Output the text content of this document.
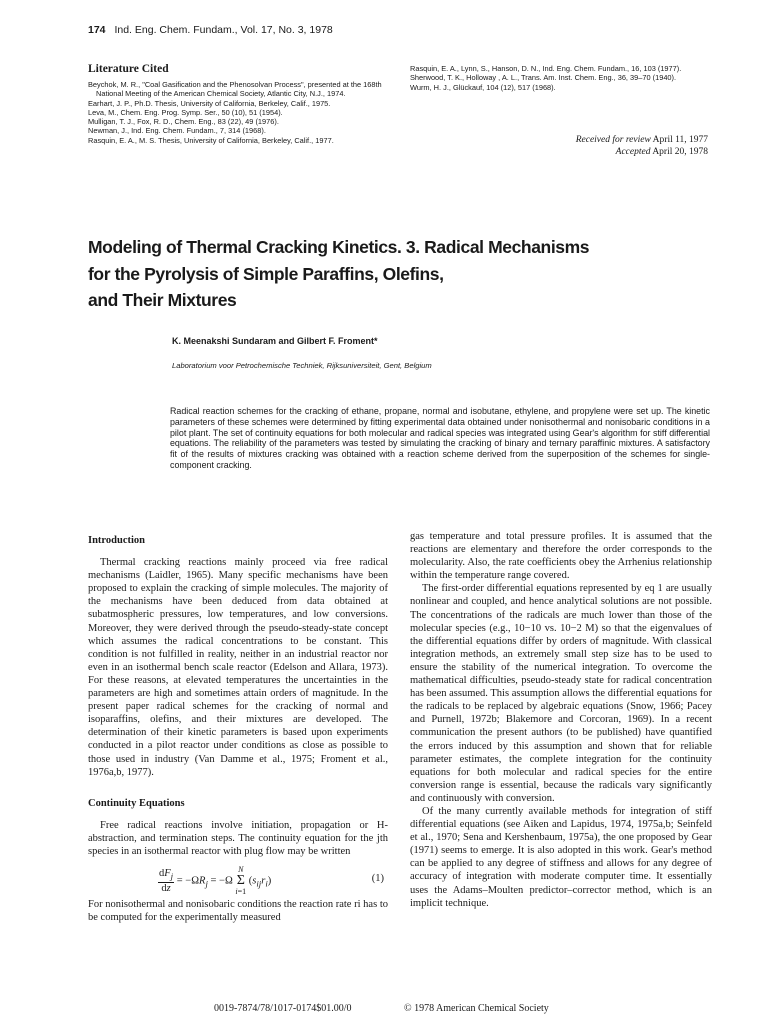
174 Ind. Eng. Chem. Fundam., Vol. 17, No. 3, 1978
Literature Cited
Beychok, M. R., "Coal Gasification and the Phenosolvan Process", presented at the 168th National Meeting of the American Chemical Society, Atlantic City, N.J., 1974.
Earhart, J. P., Ph.D. Thesis, University of California, Berkeley, Calif., 1975.
Leva, M., Chem. Eng. Prog. Symp. Ser., 50 (10), 51 (1954).
Mulligan, T. J., Fox, R. D., Chem. Eng., 83 (22), 49 (1976).
Newman, J., Ind. Eng. Chem. Fundam., 7, 314 (1968).
Rasquin, E. A., M. S. Thesis, University of California, Berkeley, Calif., 1977.
Rasquin, E. A., Lynn, S., Hanson, D. N., Ind. Eng. Chem. Fundam., 16, 103 (1977).
Sherwood, T. K., Holloway , A. L., Trans. Am. Inst. Chem. Eng., 36, 39–70 (1940).
Wurm, H. J., Glückauf, 104 (12), 517 (1968).
Received for review April 11, 1977
Accepted April 20, 1978
Modeling of Thermal Cracking Kinetics. 3. Radical Mechanisms
for the Pyrolysis of Simple Paraffins, Olefins,
and Their Mixtures
K. Meenakshi Sundaram and Gilbert F. Froment*
Laboratorium voor Petrochemische Techniek, Rijksuniversiteit, Gent, Belgium
Radical reaction schemes for the cracking of ethane, propane, normal and isobutane, ethylene, and propylene were set up. The kinetic parameters of these schemes were determined by fitting experimental data obtained under nonisothermal and nonisobaric conditions in a pilot plant. The set of continuity equations for both molecular and radical species was integrated using Gear's algorithm for stiff differential equations. The reliability of the parameters was tested by simulating the cracking of binary and ternary paraffinic mixtures. A satisfactory fit of the results of mixtures cracking was obtained with a reaction scheme derived from the superposition of the schemes for single-component cracking.

Introduction

Thermal cracking reactions mainly proceed via free radical mechanisms (Laidler, 1965). Many specific mechanisms have been proposed to explain the cracking of simple molecules. The majority of the mechanisms have been deduced from data obtained at subatmospheric pressures, low temperatures, and low conversions. Moreover, they were derived through the pseudo-steady-state concept which assumes the radical concentrations to be constant. This condition is not fulfilled in reality, neither in an industrial reactor nor even in an isothermal bench scale reactor (Edelson and Allara, 1973). For these reasons, at elevated temperatures the uncertainties in the parameters are high and sometimes attain orders of magnitude. In the present paper radical schemes for the cracking of normal and isoparaffins, olefins, and their mixtures are developed. The determination of their kinetic parameters is based upon experiments conducted in a pilot reactor under conditions as close as possible to those used in industry (Van Damme et al., 1975; Froment et al., 1976a,b, 1977).

Continuity Equations

Free radical reactions involve initiation, propagation or H-abstraction, and termination steps. The continuity equation for the jth species in an isothermal reactor with plug flow may be written

$\frac{dF_j}{dz} = -\Omega R_j = -\Omega$ N
Σ
i=1 $(s_{ij}r_i)$	(1)

For nonisothermal and nonisobaric conditions the reaction rate ri has to be computed for the experimentally measured

gas temperature and total pressure profiles. It is assumed that the reactions are elementary and therefore the order corresponds to the molecularity. Also, the rate coefficients obey the Arrhenius relationship within the temperature range covered.

The first-order differential equations represented by eq 1 are usually nonlinear and coupled, and hence analytical solutions are not possible. The concentrations of the radicals are much lower than those of the molecular species (e.g., 10−10 vs. 10−2 M) so that the eigenvalues of the differential equations differ by orders of magnitude. With classical integration methods, an extremely small step size has to be used to ensure the stability of the numerical integration. To overcome the mathematical difficulties, pseudo-steady state for radical concentration has been assumed. This assumption allows the differential equations for the radicals to be replaced by algebraic equations (Snow, 1966; Pacey and Purnell, 1972b; Blakemore and Corcoran, 1969). In a recent communication the present authors (to be published) have quantified the errors induced by this assumption and shown that for reliable parameter estimates, the complete integration for the continuity equations for both molecular and radical species for the entire conversion range is essential, because the radicals vary significantly and continuously with conversion.

Of the many currently available methods for integration of stiff differential equations (see Aiken and Lapidus, 1974, 1975a,b; Seinfeld et al., 1970; Sena and Kershenbaum, 1975a), the one proposed by Gear (1971) seems to emerge. It is also adopted in this work. Gear's method can be applied to any degree of stiffness and allows for any degree of accuracy of integration with moderate computer time. It essentially uses the Adams–Moulten predictor–corrector method, which is an implicit technique.

0019-7874/78/1017-0174$01.00/0	© 1978 American Chemical Society
